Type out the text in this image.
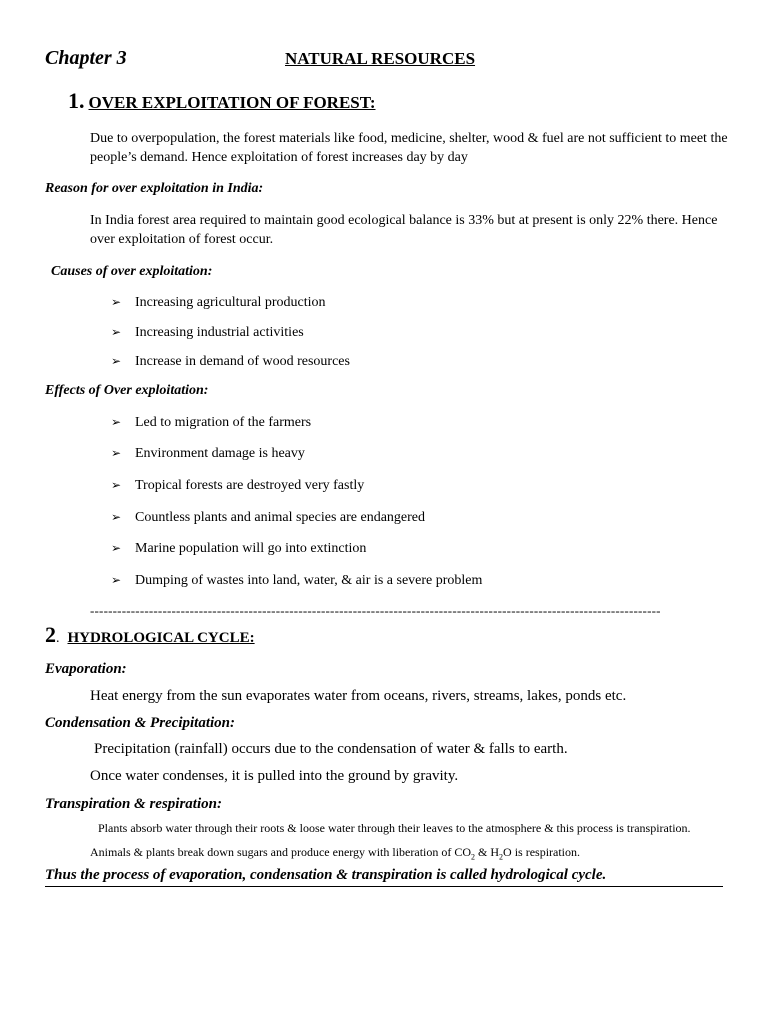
Chapter 3	NATURAL RESOURCES
1. OVER EXPLOITATION OF FOREST:
Due to overpopulation, the forest materials like food, medicine, shelter, wood & fuel are not sufficient to meet the people’s demand. Hence exploitation of forest increases day by day
Reason for over exploitation in India:
In India forest area required to maintain good ecological balance is 33% but at present is only 22% there. Hence over exploitation of forest occur.
Causes of over exploitation:
➢ Increasing agricultural production
➢ Increasing industrial activities
➢ Increase in demand of wood resources
Effects of Over exploitation:
➢ Led to migration of the farmers
➢ Environment damage is heavy
➢ Tropical forests are destroyed very fastly
➢ Countless plants and animal species are endangered
➢ Marine population will go into extinction
➢ Dumping of wastes into land, water, & air is a severe problem
------------------------------------------------------------------------------------------------------------------------------
2. HYDROLOGICAL CYCLE:
Evaporation:
Heat energy from the sun evaporates water from oceans, rivers, streams, lakes, ponds etc.
Condensation & Precipitation:
Precipitation (rainfall) occurs due to the condensation of water & falls to earth.
Once water condenses, it is pulled into the ground by gravity.
Transpiration & respiration:
Plants absorb water through their roots & loose water through their leaves to the atmosphere & this process is transpiration.
Animals & plants break down sugars and produce energy with liberation of $CO_2$ & $H_2O$ is respiration.
Thus the process of evaporation, condensation & transpiration is called hydrological cycle.
